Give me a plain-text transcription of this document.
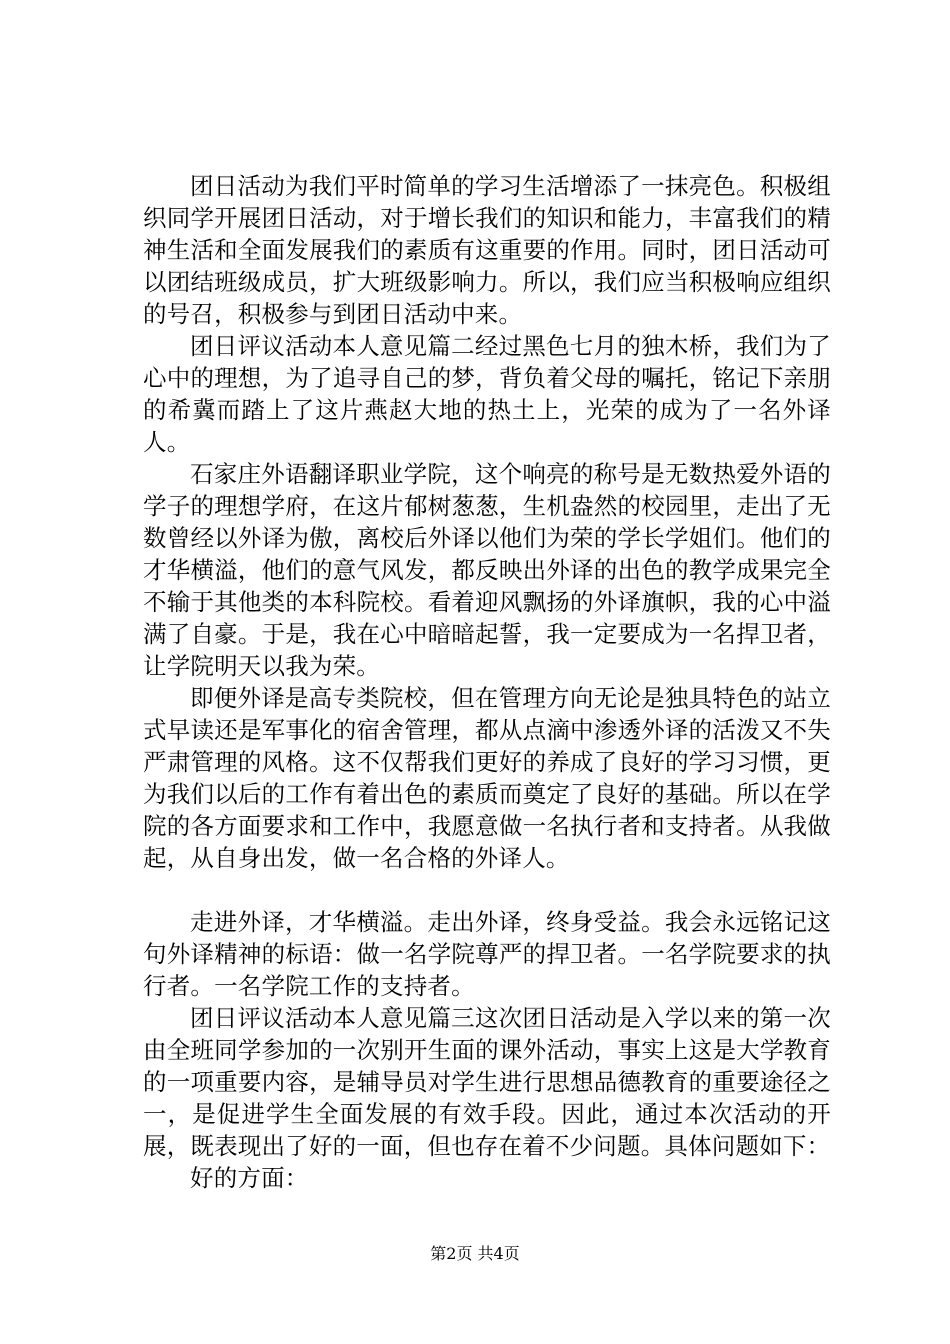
团日活动为我们平时简单的学习生活增添了一抹亮色。积极组织同学开展团日活动，对于增长我们的知识和能力，丰富我们的精神生活和全面发展我们的素质有这重要的作用。同时，团日活动可以团结班级成员，扩大班级影响力。所以，我们应当积极响应组织的号召，积极参与到团日活动中来。

团日评议活动本人意见篇二经过黑色七月的独木桥，我们为了心中的理想，为了追寻自己的梦，背负着父母的嘱托，铭记下亲朋的希冀而踏上了这片燕赵大地的热土上，光荣的成为了一名外译人。

石家庄外语翻译职业学院，这个响亮的称号是无数热爱外语的学子的理想学府，在这片郁树葱葱，生机盎然的校园里，走出了无数曾经以外译为傲，离校后外译以他们为荣的学长学姐们。他们的才华横溢，他们的意气风发，都反映出外译的出色的教学成果完全不输于其他类的本科院校。看着迎风飘扬的外译旗帜，我的心中溢满了自豪。于是，我在心中暗暗起誓，我一定要成为一名捍卫者，让学院明天以我为荣。

即便外译是高专类院校，但在管理方向无论是独具特色的站立式早读还是军事化的宿舍管理，都从点滴中渗透外译的活泼又不失严肃管理的风格。这不仅帮我们更好的养成了良好的学习习惯，更为我们以后的工作有着出色的素质而奠定了良好的基础。所以在学院的各方面要求和工作中，我愿意做一名执行者和支持者。从我做起，从自身出发，做一名合格的外译人。

走进外译，才华横溢。走出外译，终身受益。我会永远铭记这句外译精神的标语：做一名学院尊严的捍卫者。一名学院要求的执行者。一名学院工作的支持者。

团日评议活动本人意见篇三这次团日活动是入学以来的第一次由全班同学参加的一次别开生面的课外活动，事实上这是大学教育的一项重要内容，是辅导员对学生进行思想品德教育的重要途径之一，是促进学生全面发展的有效手段。因此，通过本次活动的开展，既表现出了好的一面，但也存在着不少问题。具体问题如下：

好的方面：

第2页 共4页
